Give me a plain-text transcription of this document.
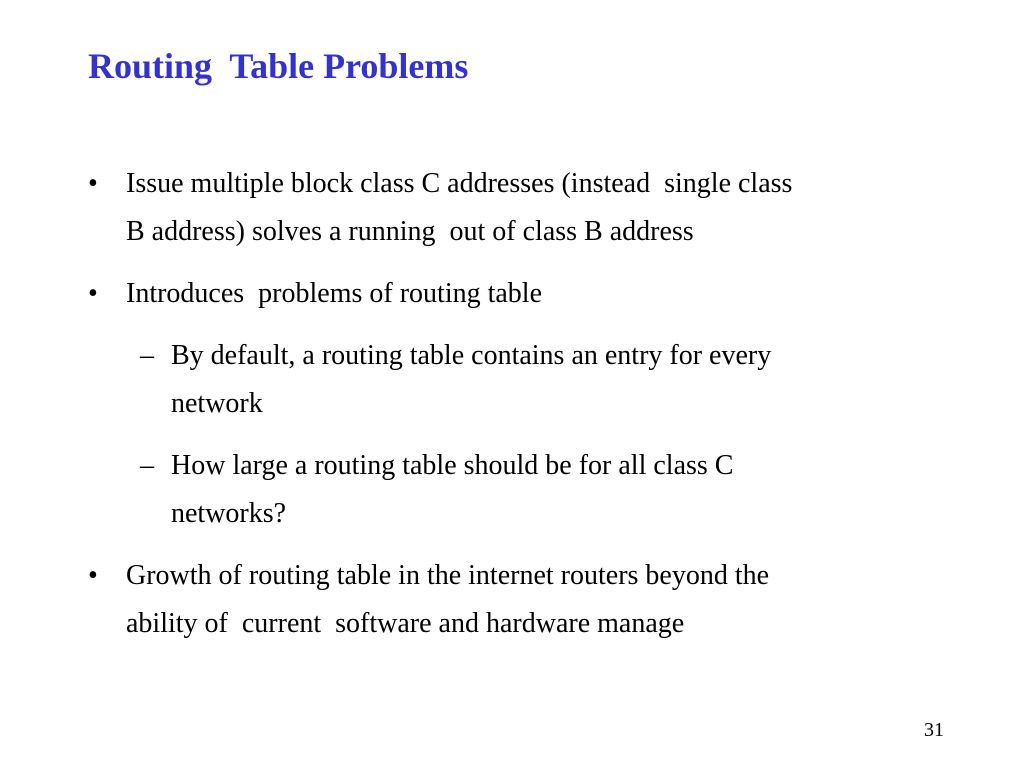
Routing  Table Problems
• Issue multiple block class C addresses (instead  single class
B address) solves a running  out of class B address
• Introduces  problems of routing table
– By default, a routing table contains an entry for every
network
– How large a routing table should be for all class C
networks?
• Growth of routing table in the internet routers beyond the
ability of  current  software and hardware manage
31
